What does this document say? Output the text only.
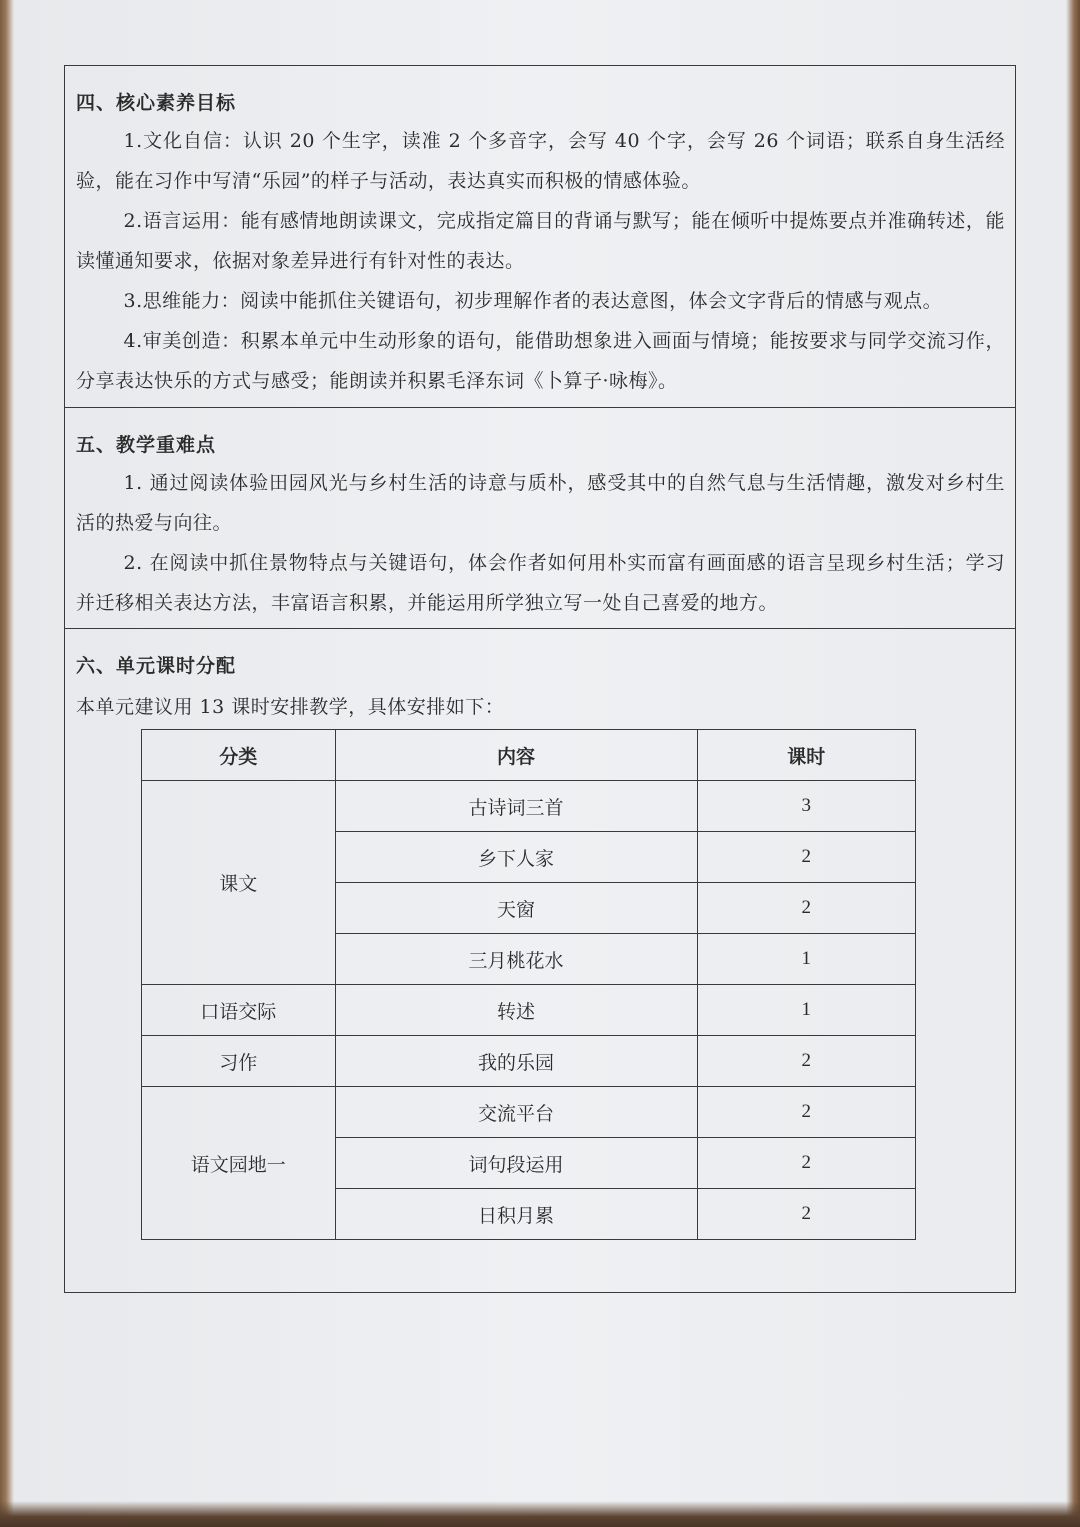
四、核心素养目标
1.文化自信：认识 20 个生字，读准 2 个多音字，会写 40 个字，会写 26 个词语；联系自身生活经验，能在习作中写清“乐园”的样子与活动，表达真实而积极的情感体验。
2.语言运用：能有感情地朗读课文，完成指定篇目的背诵与默写；能在倾听中提炼要点并准确转述，能读懂通知要求，依据对象差异进行有针对性的表达。
3.思维能力：阅读中能抓住关键语句，初步理解作者的表达意图，体会文字背后的情感与观点。
4.审美创造：积累本单元中生动形象的语句，能借助想象进入画面与情境；能按要求与同学交流习作，分享表达快乐的方式与感受；能朗读并积累毛泽东词《卜算子·咏梅》。
五、教学重难点
1. 通过阅读体验田园风光与乡村生活的诗意与质朴，感受其中的自然气息与生活情趣，激发对乡村生活的热爱与向往。
2. 在阅读中抓住景物特点与关键语句，体会作者如何用朴实而富有画面感的语言呈现乡村生活；学习并迁移相关表达方法，丰富语言积累，并能运用所学独立写一处自己喜爱的地方。
六、单元课时分配
本单元建议用 13 课时安排教学，具体安排如下：
分类	内容	课时
课文	古诗词三首	3
	乡下人家	2
	天窗	2
	三月桃花水	1
口语交际	转述	1
习作	我的乐园	2
语文园地一	交流平台	2
	词句段运用	2
	日积月累	2
